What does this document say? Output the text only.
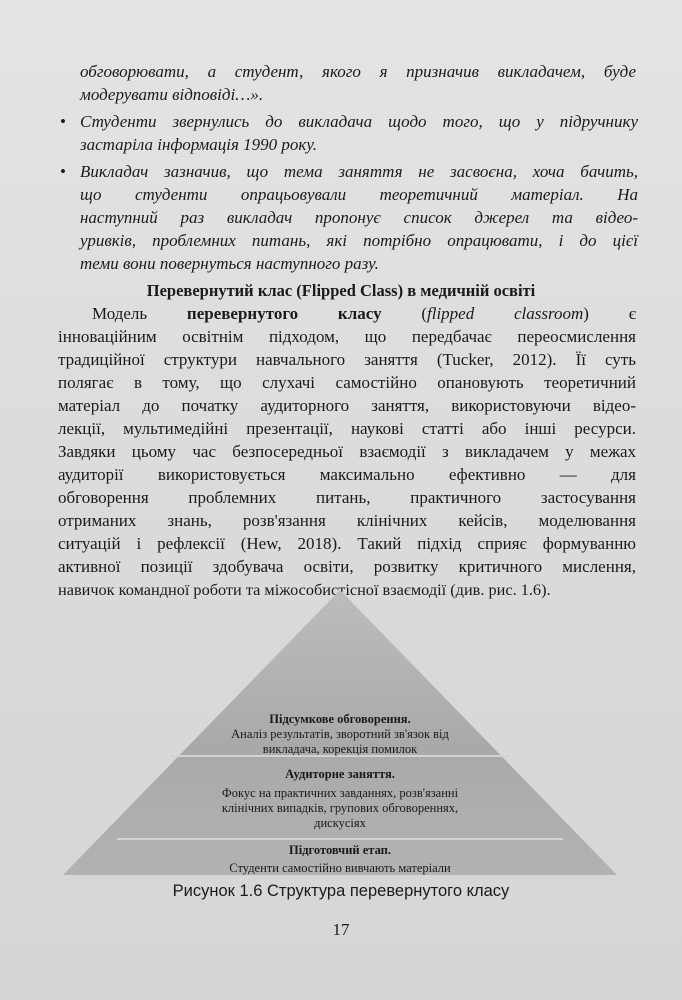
обговорювати, а студент, якого я призначив викладачем, буде

модерувати відповіді…».

• Студенти звернулись до викладача щодо того, що у підручнику
застаріла інформація 1990 року.
• Викладач зазначив, що тема заняття не засвоєна, хоча бачить,
що студенти опрацьовували теоретичний матеріал. На
наступний раз викладач пропонує список джерел та відео-
уривків, проблемних питань, які потрібно опрацювати, і до цієї
теми вони повернуться наступного разу.
Перевернутий клас (Flipped Class) в медичній освіті
Модель перевернутого класу (flipped classroom) є
інноваційним освітнім підходом, що передбачає переосмислення
традиційної структури навчального заняття (Tucker, 2012). Її суть
полягає в тому, що слухачі самостійно опановують теоретичний
матеріал до початку аудиторного заняття, використовуючи відео-
лекції, мультимедійні презентації, наукові статті або інші ресурси.
Завдяки цьому час безпосередньої взаємодії з викладачем у межах
аудиторії використовується максимально ефективно — для
обговорення проблемних питань, практичного застосування
отриманих знань, розв'язання клінічних кейсів, моделювання
ситуацій і рефлексії (Hew, 2018). Такий підхід сприяє формуванню
активної позиції здобувача освіти, розвитку критичного мислення,
навичок командної роботи та міжособистісної взаємодії (див. рис. 1.6).
Підсумкове обговорення.
Аналіз результатів, зворотний зв'язок від
викладача, корекція помилок
Аудиторне заняття.
Фокус на практичних завданнях, розв'язанні
клінічних випадків, групових обговореннях,
дискусіях
Підготовчий етап.
Студенти самостійно вивчають матеріали
Рисунок 1.6 Структура перевернутого класу
17
